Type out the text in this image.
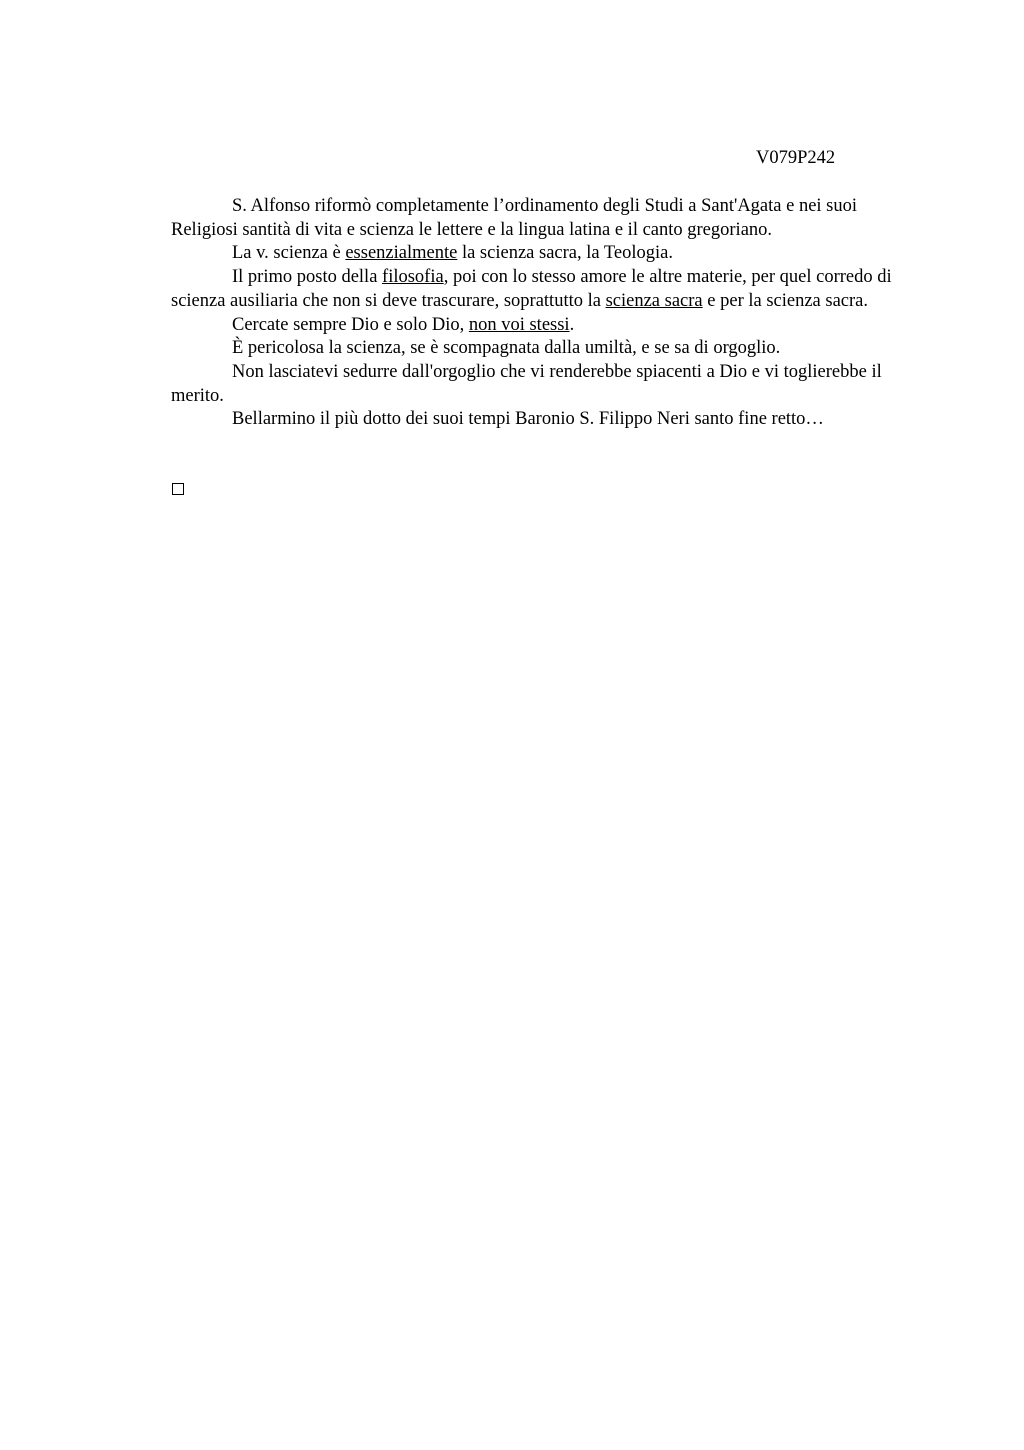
V079P242

S. Alfonso riformò completamente l’ordinamento degli Studi a Sant'Agata e nei suoi Religiosi santità di vita e scienza le lettere e la lingua latina e il canto gregoriano.

La v. scienza è essenzialmente la scienza sacra, la Teologia.

Il primo posto della filosofia, poi con lo stesso amore le altre materie, per quel corredo di scienza ausiliaria che non si deve trascurare, soprattutto la scienza sacra e per la scienza sacra.

Cercate sempre Dio e solo Dio, non voi stessi.

È pericolosa la scienza, se è scompagnata dalla umiltà, e se sa di orgoglio.

Non lasciatevi sedurre dall'orgoglio che vi renderebbe spiacenti a Dio e vi toglierebbe il merito.

Bellarmino il più dotto dei suoi tempi Baronio S. Filippo Neri santo fine retto…
